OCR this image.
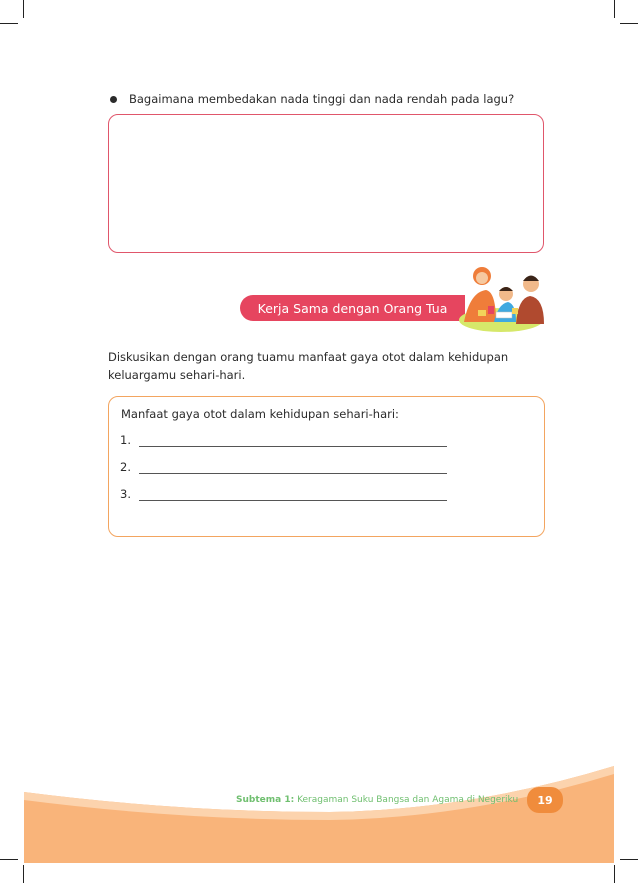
Bagaimana membedakan nada tinggi dan nada rendah pada lagu?
Kerja Sama dengan Orang Tua
Diskusikan dengan orang tuamu manfaat gaya otot dalam kehidupan keluargamu sehari-hari.
Manfaat gaya otot dalam kehidupan sehari-hari:
1.
2.
3.
Subtema 1: Keragaman Suku Bangsa dan Agama di Negeriku 19
